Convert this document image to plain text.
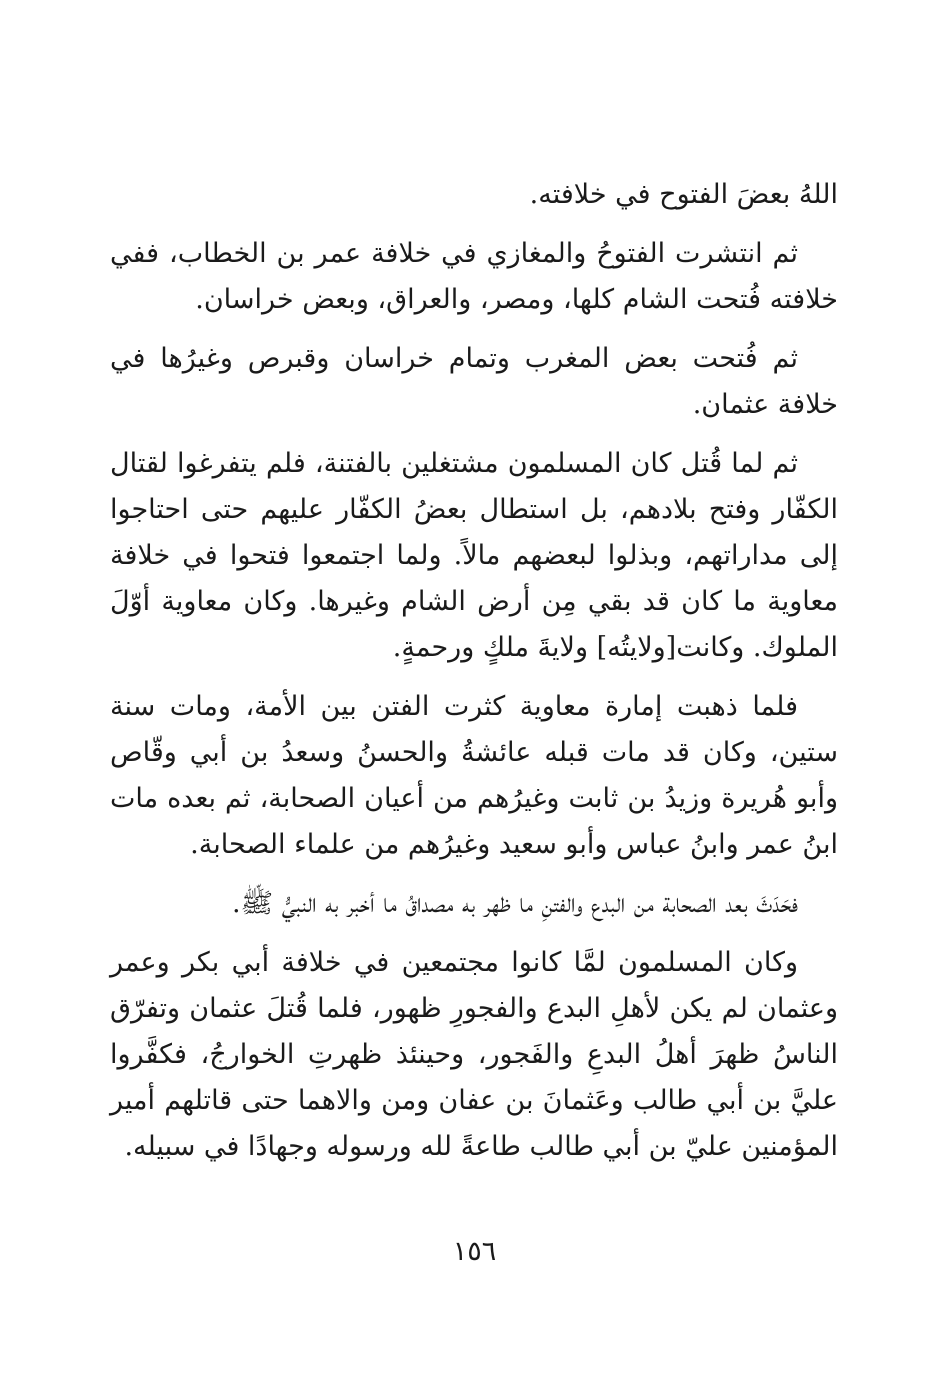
اللهُ بعضَ الفتوح في خلافته.

ثم انتشرت الفتوحُ والمغازي في خلافة عمر بن الخطاب، ففي خلافته فُتحت الشام كلها، ومصر، والعراق، وبعض خراسان.

ثم فُتحت بعض المغرب وتمام خراسان وقبرص وغيرُها في خلافة عثمان.

ثم لما قُتل كان المسلمون مشتغلين بالفتنة، فلم يتفرغوا لقتال الكفّار وفتح بلادهم، بل استطال بعضُ الكفّار عليهم حتى احتاجوا إلى مداراتهم، وبذلوا لبعضهم مالاً. ولما اجتمعوا فتحوا في خلافة معاوية ما كان قد بقي مِن أرض الشام وغيرها. وكان معاوية أوّلَ الملوك. وكانت[ولايتُه] ولايةَ ملكٍ ورحمةٍ.

فلما ذهبت إمارة معاوية كثرت الفتن بين الأمة، ومات سنة ستين، وكان قد مات قبله عائشةُ والحسنُ وسعدُ بن أبي وقّاص وأبو هُريرة وزيدُ بن ثابت وغيرُهم من أعيان الصحابة، ثم بعده مات ابنُ عمر وابنُ عباس وأبو سعيد وغيرُهم من علماء الصحابة.

فحَدَثَ بعد الصحابة من البدع والفتنِ ما ظهر به مصداقُ ما أخبر به النبيُّ ﷺ.

وكان المسلمون لمَّا كانوا مجتمعين في خلافة أبي بكر وعمر وعثمان لم يكن لأهلِ البدع والفجورِ ظهور، فلما قُتلَ عثمان وتفرّق الناسُ ظهرَ أهلُ البدعِ والفَجور، وحينئذ ظهرتِ الخوارجُ، فكفَّروا عليَّ بن أبي طالب وعَثمانَ بن عفان ومن والاهما حتى قاتلهم أمير المؤمنين عليّ بن أبي طالب طاعةً لله ورسوله وجهادًا في سبيله.

١٥٦
